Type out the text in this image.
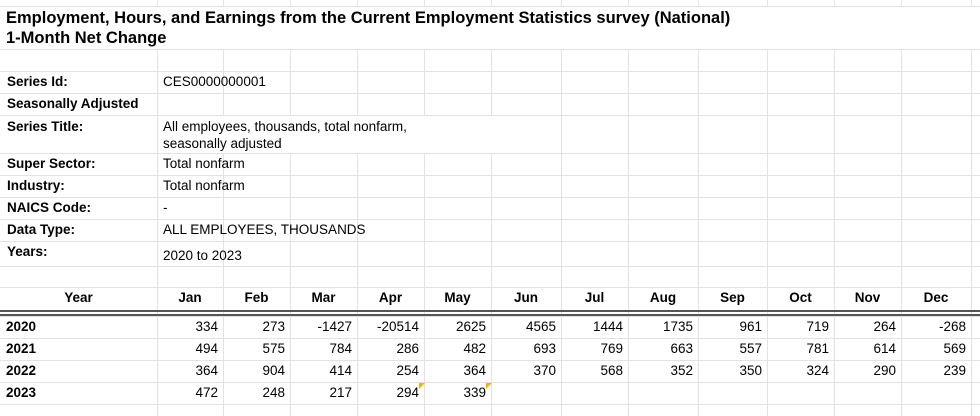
Employment, Hours, and Earnings from the Current Employment Statistics survey (National)
1-Month Net Change
Series Id:	CES0000000001
Seasonally Adjusted
Series Title:	All employees, thousands, total nonfarm,
seasonally adjusted
Super Sector:	Total nonfarm
Industry:	Total nonfarm
NAICS Code:	-
Data Type:	ALL EMPLOYEES, THOUSANDS
Years:	2020 to 2023
Year	Jan	Feb	Mar	Apr	May	Jun	Jul	Aug	Sep	Oct	Nov	Dec
2020	334	273	-1427	-20514	2625	4565	1444	1735	961	719	264	-268
2021	494	575	784	286	482	693	769	663	557	781	614	569
2022	364	904	414	254	364	370	568	352	350	324	290	239
2023	472	248	217	294	339
